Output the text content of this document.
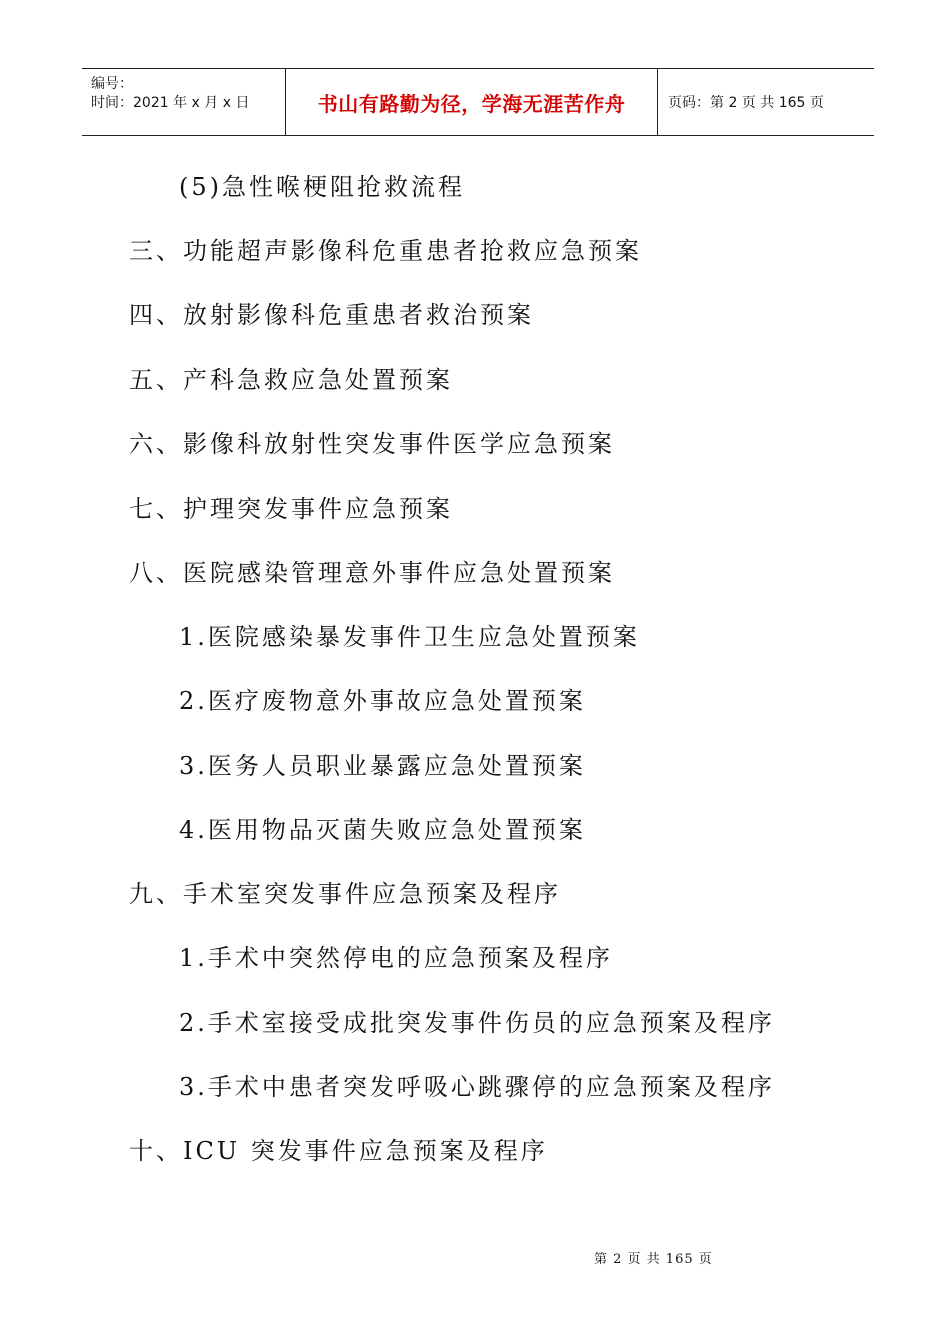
编号：
时间：2021 年 x 月 x 日	书山有路勤为径，学海无涯苦作舟	页码：第 2 页 共 165 页
(5)急性喉梗阻抢救流程
三、功能超声影像科危重患者抢救应急预案
四、放射影像科危重患者救治预案
五、产科急救应急处置预案
六、影像科放射性突发事件医学应急预案
七、护理突发事件应急预案
八、医院感染管理意外事件应急处置预案
1.医院感染暴发事件卫生应急处置预案
2.医疗废物意外事故应急处置预案
3.医务人员职业暴露应急处置预案
4.医用物品灭菌失败应急处置预案
九、手术室突发事件应急预案及程序
1.手术中突然停电的应急预案及程序
2.手术室接受成批突发事件伤员的应急预案及程序
3.手术中患者突发呼吸心跳骤停的应急预案及程序
十、ICU 突发事件应急预案及程序
第 2 页 共 165 页
